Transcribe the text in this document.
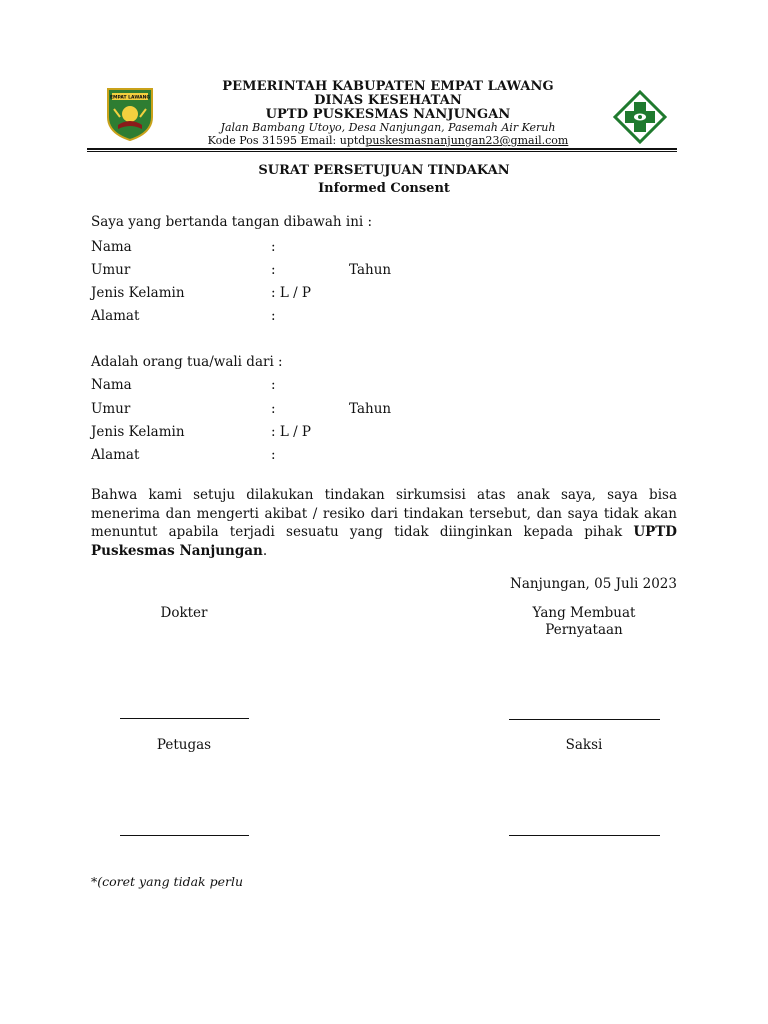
EMPAT LAWANG
PEMERINTAH KABUPATEN EMPAT LAWANG
DINAS KESEHATAN
UPTD PUSKESMAS NANJUNGAN
Jalan Bambang Utoyo, Desa Nanjungan, Pasemah Air Keruh
Kode Pos 31595 Email: uptdpuskesmasnanjungan23@gmail.com
SURAT PERSETUJUAN TINDAKAN
Informed Consent
Saya yang bertanda tangan dibawah ini :
Nama	:
Umur	:	Tahun
Jenis Kelamin	: L / P
Alamat	:
Adalah orang tua/wali dari :
Nama	:
Umur	:	Tahun
Jenis Kelamin	: L / P
Alamat	:
Bahwa kami setuju dilakukan tindakan sirkumsisi atas anak saya, saya bisa menerima dan mengerti akibat / resiko dari tindakan tersebut, dan saya tidak akan menuntut apabila terjadi sesuatu yang tidak diinginkan kepada pihak UPTD Puskesmas Nanjungan.
Nanjungan, 05 Juli 2023
Dokter	Yang Membuat
Pernyataan
Petugas	Saksi
*(coret yang tidak perlu
